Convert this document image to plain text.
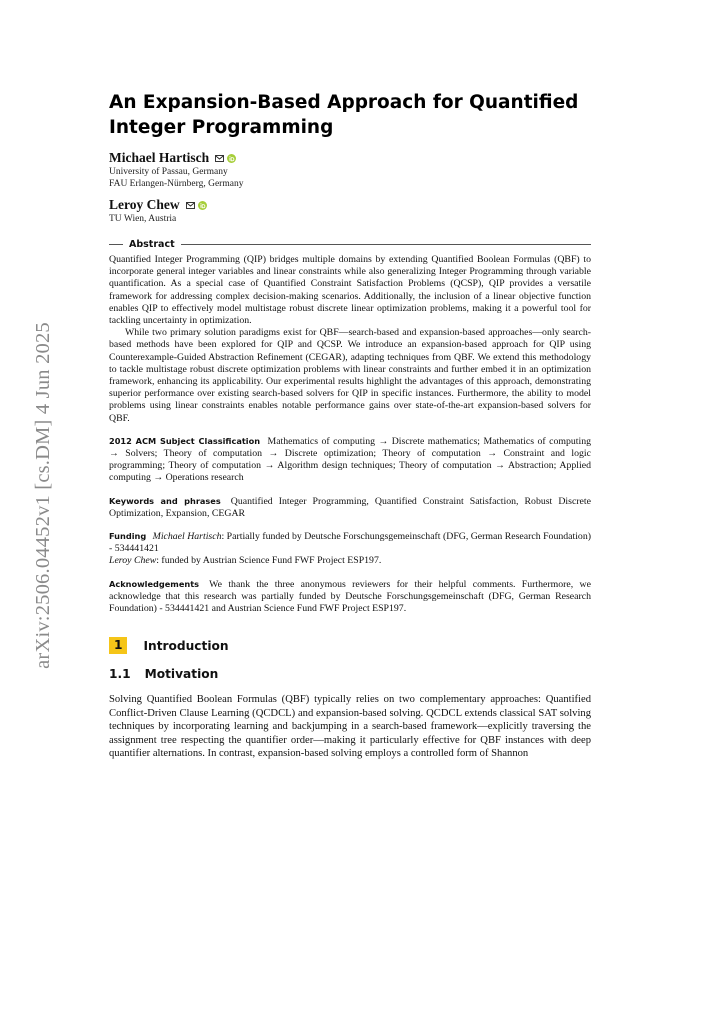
arXiv:2506.04452v1 [cs.DM] 4 Jun 2025
An Expansion-Based Approach for Quantified
Integer Programming
Michael Hartisch
University of Passau, Germany
FAU Erlangen-Nürnberg, Germany
Leroy Chew
TU Wien, Austria
Abstract

Quantified Integer Programming (QIP) bridges multiple domains by extending Quantified Boolean Formulas (QBF) to incorporate general integer variables and linear constraints while also generalizing Integer Programming through variable quantification. As a special case of Quantified Constraint Satisfaction Problems (QCSP), QIP provides a versatile framework for addressing complex decision-making scenarios. Additionally, the inclusion of a linear objective function enables QIP to effectively model multistage robust discrete linear optimization problems, making it a powerful tool for tackling uncertainty in optimization.

While two primary solution paradigms exist for QBF—search-based and expansion-based approaches—only search-based methods have been explored for QIP and QCSP. We introduce an expansion-based approach for QIP using Counterexample-Guided Abstraction Refinement (CEGAR), adapting techniques from QBF. We extend this methodology to tackle multistage robust discrete optimization problems with linear constraints and further embed it in an optimization framework, enhancing its applicability. Our experimental results highlight the advantages of this approach, demonstrating superior performance over existing search-based solvers for QIP in specific instances. Furthermore, the ability to model problems using linear constraints enables notable performance gains over state-of-the-art expansion-based solvers for QBF.

2012 ACM Subject Classification Mathematics of computing → Discrete mathematics; Mathematics of computing → Solvers; Theory of computation → Discrete optimization; Theory of computation → Constraint and logic programming; Theory of computation → Algorithm design techniques; Theory of computation → Abstraction; Applied computing → Operations research
Keywords and phrases Quantified Integer Programming, Quantified Constraint Satisfaction, Robust Discrete Optimization, Expansion, CEGAR
Funding Michael Hartisch: Partially funded by Deutsche Forschungsgemeinschaft (DFG, German Research Foundation) - 534441421
Leroy Chew: funded by Austrian Science Fund FWF Project ESP197.
Acknowledgements We thank the three anonymous reviewers for their helpful comments. Furthermore, we acknowledge that this research was partially funded by Deutsche Forschungsgemeinschaft (DFG, German Research Foundation) - 534441421 and Austrian Science Fund FWF Project ESP197.
1	Introduction
1.1 Motivation

Solving Quantified Boolean Formulas (QBF) typically relies on two complementary approaches: Quantified Conflict-Driven Clause Learning (QCDCL) and expansion-based solving. QCDCL extends classical SAT solving techniques by incorporating learning and backjumping in a search-based framework—explicitly traversing the assignment tree respecting the quantifier order—making it particularly effective for QBF instances with deep quantifier alternations. In contrast, expansion-based solving employs a controlled form of Shannon
